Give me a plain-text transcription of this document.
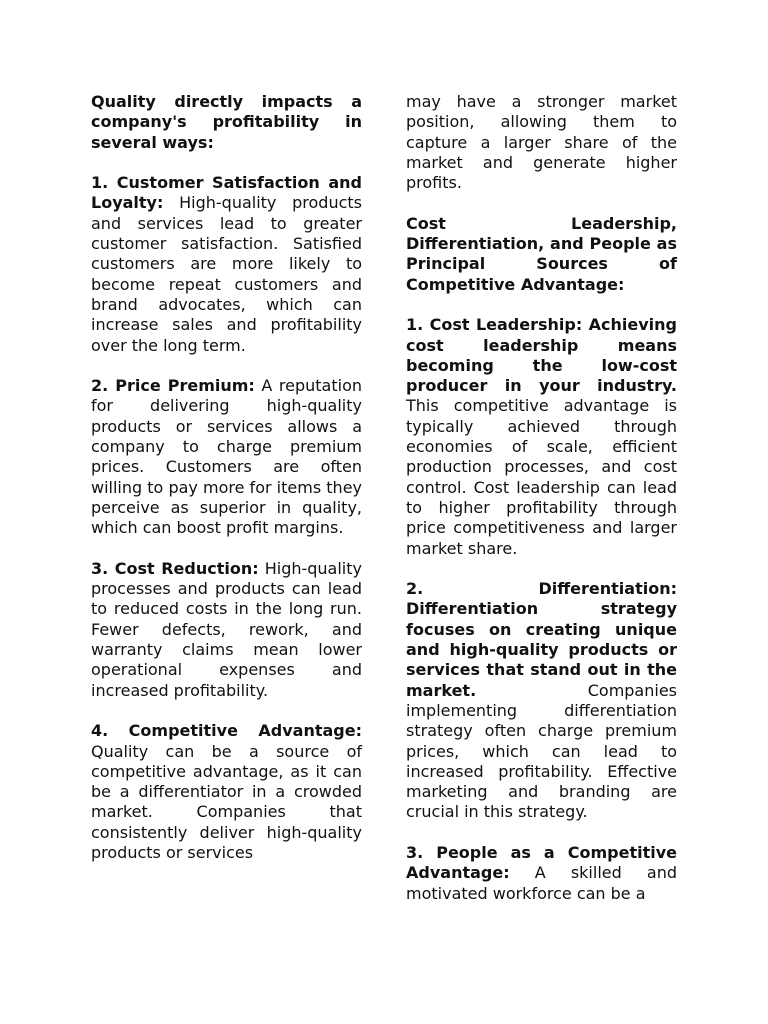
Quality directly impacts a company's profitability in several ways:

1. Customer Satisfaction and Loyalty: High-quality products and services lead to greater customer satisfaction. Satisfied customers are more likely to become repeat customers and brand advocates, which can increase sales and profitability over the long term.

2. Price Premium: A reputation for delivering high-quality products or services allows a company to charge premium prices. Customers are often willing to pay more for items they perceive as superior in quality, which can boost profit margins.

3. Cost Reduction: High-quality processes and products can lead to reduced costs in the long run. Fewer defects, rework, and warranty claims mean lower operational expenses and increased profitability.

4. Competitive Advantage: Quality can be a source of competitive advantage, as it can be a differentiator in a crowded market. Companies that consistently deliver high-quality products or services

may have a stronger market position, allowing them to capture a larger share of the market and generate higher profits.

Cost Leadership, Differentiation, and People as Principal Sources of Competitive Advantage:

1. Cost Leadership: Achieving cost leadership means becoming the low-cost producer in your industry. This competitive advantage is typically achieved through economies of scale, efficient production processes, and cost control. Cost leadership can lead to higher profitability through price competitiveness and larger market share.

2. Differentiation: Differentiation strategy focuses on creating unique and high-quality products or services that stand out in the market. Companies implementing differentiation strategy often charge premium prices, which can lead to increased profitability. Effective marketing and branding are crucial in this strategy.

3. People as a Competitive Advantage: A skilled and motivated workforce can be a
